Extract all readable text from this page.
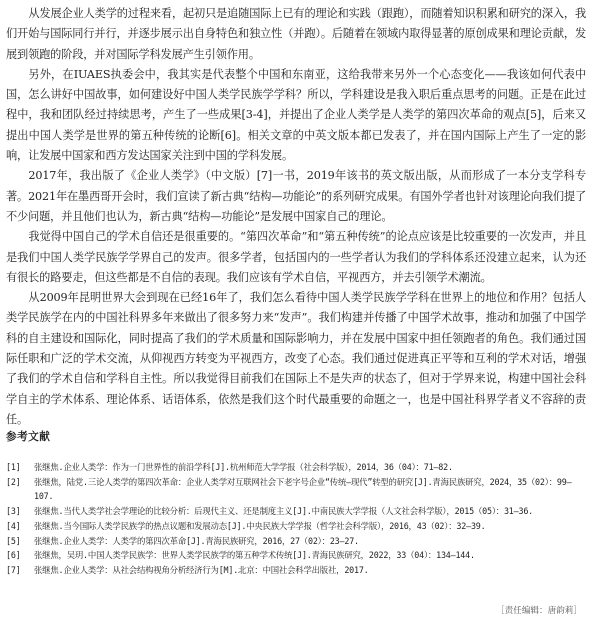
从发展企业人类学的过程来看，起初只是追随国际上已有的理论和实践（跟跑），而随着知识积累和研究的深入，我们开始与国际同行并行，并逐步展示出自身特色和独立性（并跑）。后随着在领域内取得显著的原创成果和理论贡献，发展到领跑的阶段，并对国际学科发展产生引领作用。

另外，在IUAES执委会中，我其实是代表整个中国和东南亚，这给我带来另外一个心态变化——我该如何代表中国，怎么讲好中国故事，如何建设好中国人类学民族学学科？所以，学科建设是我入职后重点思考的问题。正是在此过程中，我和团队经过持续思考，产生了一些成果[3-4]，并提出了企业人类学是人类学的第四次革命的观点[5]，后来又提出中国人类学是世界的第五种传统的论断[6]。相关文章的中英文版本都已发表了，并在国内国际上产生了一定的影响，让发展中国家和西方发达国家关注到中国的学科发展。

2017年，我出版了《企业人类学》（中文版）[7]一书，2019年该书的英文版出版，从而形成了一本分支学科专著。2021年在墨西哥开会时，我们宣读了新古典“结构—功能论”的系列研究成果。有国外学者也针对该理论向我们提了不少问题，并且他们也认为，新古典“结构—功能论”是发展中国家自己的理论。

我觉得中国自己的学术自信还是很重要的。“第四次革命”和“第五种传统”的论点应该是比较重要的一次发声，并且是我们中国人类学民族学学界自己的发声。很多学者，包括国内的一些学者认为我们的学科体系还没建立起来，认为还有很长的路要走，但这些都是不自信的表现。我们应该有学术自信，平视西方，并去引领学术潮流。

从2009年昆明世界大会到现在已经16年了，我们怎么看待中国人类学民族学学科在世界上的地位和作用？包括人类学民族学在内的中国社科界多年来做出了很多努力来“发声”。我们构建并传播了中国学术故事，推动和加强了中国学科的自主建设和国际化，同时提高了我们的学术质量和国际影响力，并在发展中国家中担任领跑者的角色。我们通过国际任职和广泛的学术交流，从仰视西方转变为平视西方，改变了心态。我们通过促进真正平等和互利的学术对话，增强了我们的学术自信和学科自主性。所以我觉得目前我们在国际上不是失声的状态了，但对于学界来说，构建中国社会科学自主的学术体系、理论体系、话语体系，依然是我们这个时代最重要的命题之一，也是中国社科界学者义不容辞的责任。

参考文献
[1] 张继焦.企业人类学：作为一门世界性的前沿学科[J].杭州师范大学学报（社会科学版），2014，36（04）：71–82.
[2] 张继焦，陆党.三论人类学的第四次革命：企业人类学对互联网社会下老字号企业“传统—现代”转型的研究[J].青海民族研究，2024，35（02）：99–107.
[3] 张继焦.当代人类学社会学理论的比较分析：后现代主义、还是制度主义[J].中南民族大学学报（人文社会科学版），2015（05）：31–36.
[4] 张继焦.当今国际人类学民族学的热点议题和发展动态[J].中央民族大学学报（哲学社会科学版），2016，43（02）：32–39.
[5] 张继焦.企业人类学：人类学的第四次革命[J].青海民族研究，2016，27（02）：23–27.
[6] 张继焦，吴玥.中国人类学民族学：世界人类学民族学的第五种学术传统[J].青海民族研究，2022，33（04）：134–144.
[7] 张继焦.企业人类学：从社会结构视角分析经济行为[M].北京：中国社会科学出版社，2017.

［责任编辑：唐韵莉］
